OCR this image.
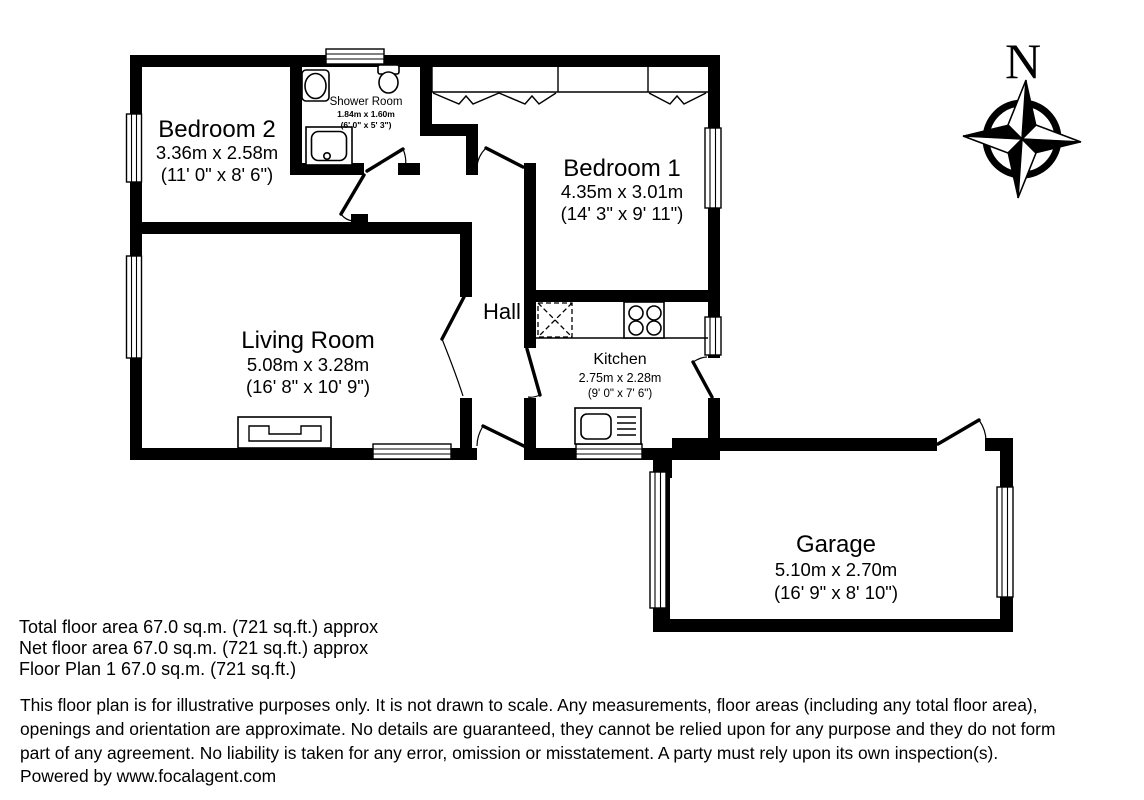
Bedroom 2
3.36m x 2.58m
(11' 0" x 8' 6")
Shower Room
1.84m x 1.60m
(6' 0" x 5' 3")
Bedroom 1
4.35m x 3.01m
(14' 3" x 9' 11")
Living Room
5.08m x 3.28m
(16' 8" x 10' 9")
Hall
Kitchen
2.75m x 2.28m
(9' 0" x 7' 6")
Garage
5.10m x 2.70m
(16' 9" x 8' 10")
N
Total floor area 67.0 sq.m. (721 sq.ft.) approx
Net floor area 67.0 sq.m. (721 sq.ft.) approx
Floor Plan 1 67.0 sq.m. (721 sq.ft.)
This floor plan is for illustrative purposes only. It is not drawn to scale. Any measurements, floor areas (including any total floor area),
openings and orientation are approximate. No details are guaranteed, they cannot be relied upon for any purpose and they do not form
part of any agreement. No liability is taken for any error, omission or misstatement. A party must rely upon its own inspection(s).
Powered by www.focalagent.com
